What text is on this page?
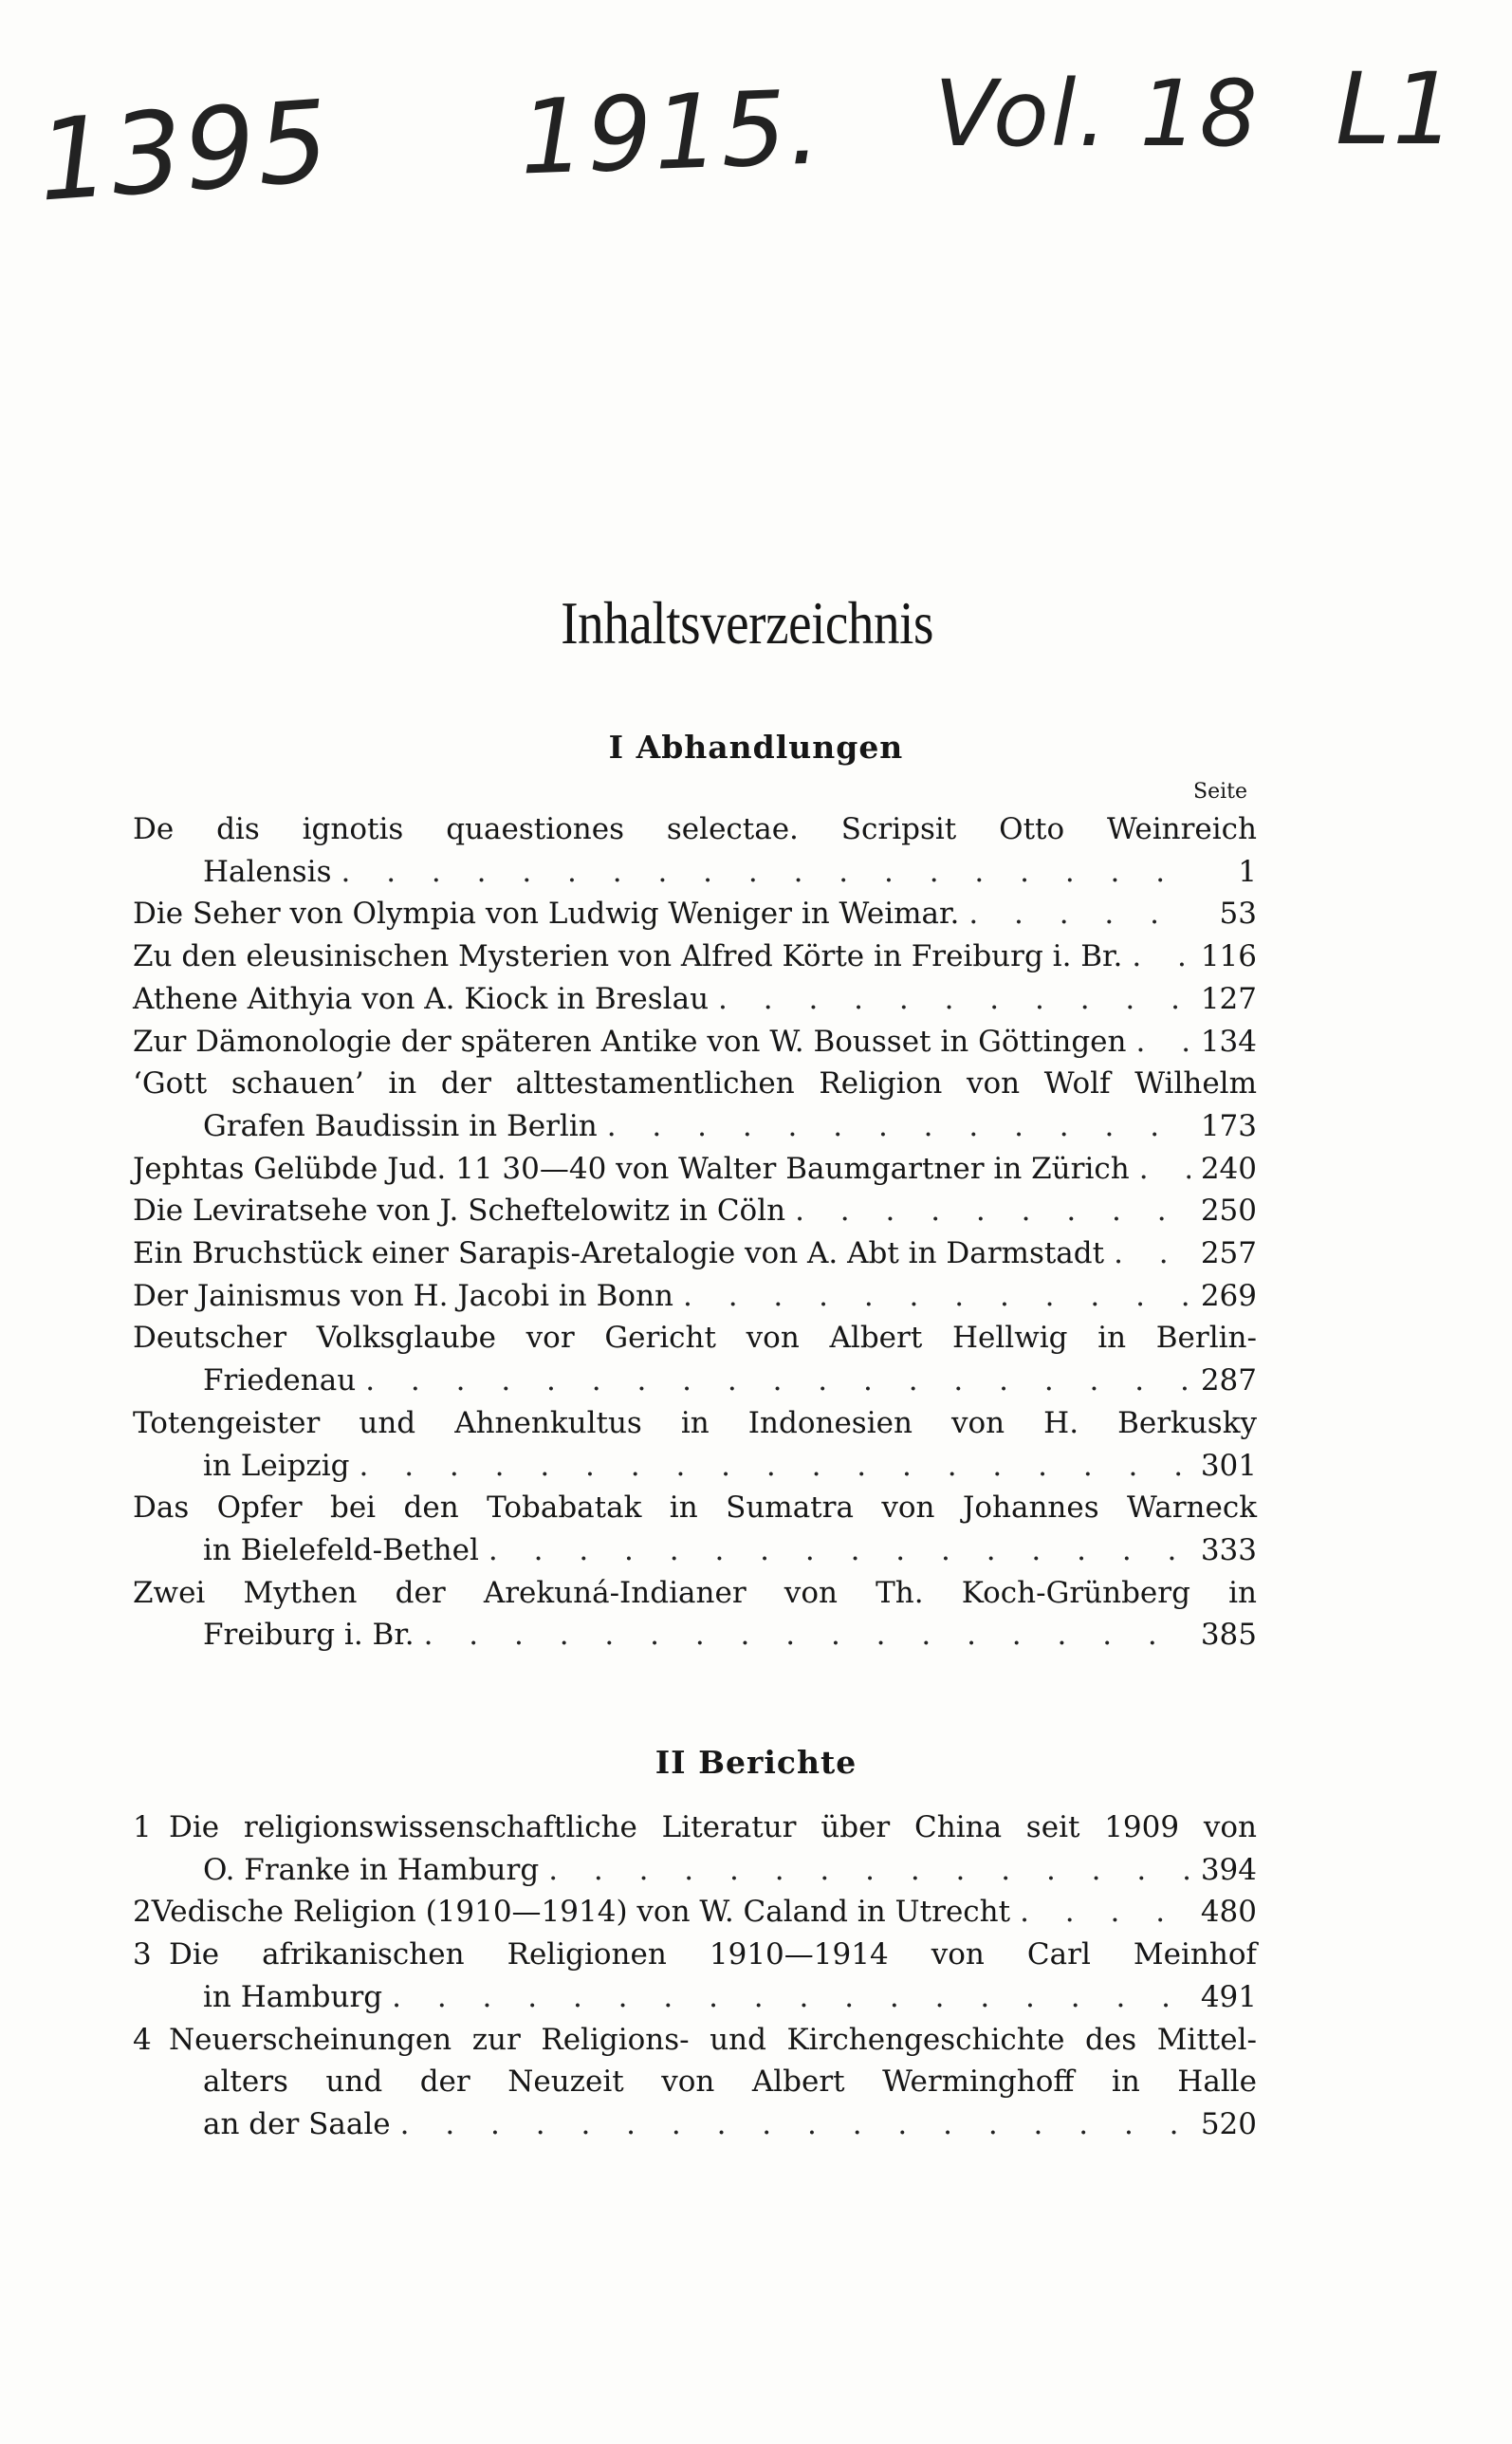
1395 1915. Vol. 18 L1
Inhaltsverzeichnis
I Abhandlungen
Seite
De dis ignotis quaestiones selectae. Scripsit Otto Weinreich
Halensis . . .	1
Die Seher von Olympia von Ludwig Weniger in Weimar. . . .	53
Zu den eleusinischen Mysterien von Alfred Körte in Freiburg i. Br. . . .	116
Athene Aithyia von A. Kiock in Breslau . . .	127
Zur Dämonologie der späteren Antike von W. Bousset in Göttingen . . .	134
‘Gott schauen’ in der alttestamentlichen Religion von Wolf Wilhelm
Grafen Baudissin in Berlin . . .	173
Jephtas Gelübde Jud. 11 30—40 von Walter Baumgartner in Zürich . . . 240
Die Leviratsehe von J. Scheftelowitz in Cöln . . .	250
Ein Bruchstück einer Sarapis-Aretalogie von A. Abt in Darmstadt . . .	257
Der Jainismus von H. Jacobi in Bonn . . .	269
Deutscher Volksglaube vor Gericht von Albert Hellwig in Berlin-
Friedenau . . .	287
Totengeister und Ahnenkultus in Indonesien von H. Berkusky
in Leipzig . . .	301
Das Opfer bei den Tobabatak in Sumatra von Johannes Warneck
in Bielefeld-Bethel . . .	333
Zwei Mythen der Arekuná-Indianer von Th. Koch-Grünberg in
Freiburg i. Br. . . .	385
II Berichte
1 Die religionswissenschaftliche Literatur über China seit 1909 von
O. Franke in Hamburg . . .	394
2 Vedische Religion (1910—1914) von W. Caland in Utrecht . . .	480
3 Die afrikanischen Religionen 1910—1914 von Carl Meinhof
in Hamburg . . .	491
4 Neuerscheinungen zur Religions- und Kirchengeschichte des Mittel-
alters und der Neuzeit von Albert Werminghoff in Halle
an der Saale . . .	520
